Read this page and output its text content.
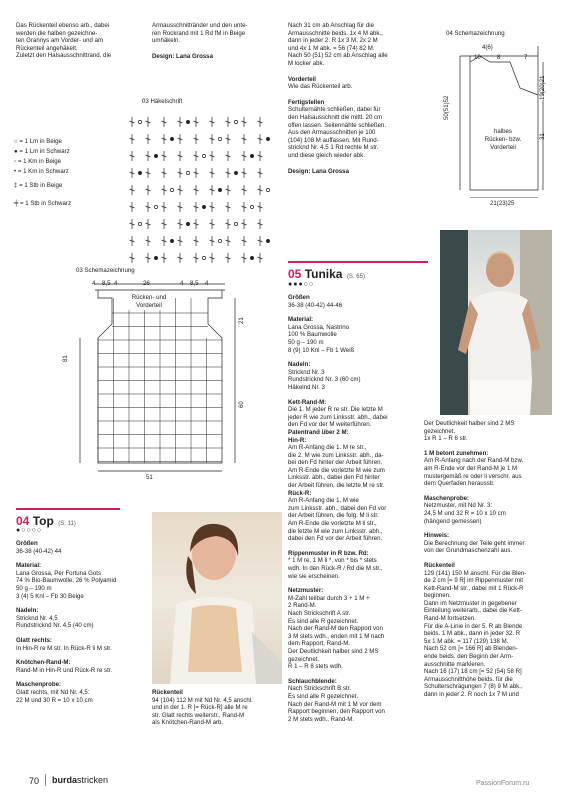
Das Rückenteil ebenso arb., dabei
werden die halben gezeichne-
ten Grannys am Vorder- und am
Rückenteil angehäkelt.
Zuletzt den Halsausschnittrand, die
Armausschnittränder und den unte-
ren Rockrand mit 1 Rd fM in Beige
umhäkeln.
Design: Lana Grossa
Nach 31 cm ab Anschlag für die
Armausschnitte beids. 1x 4 M abk.,
dann in jeder 2. R 1x 3 M, 2x 2 M
und 4x 1 M abk. = 56 (74) 82 M.
Nach 50 (51) 52 cm ab Anschlag alle
M locker abk.
Vorderteil
Wie das Rückenteil arb.
Fertigstellen
Schulternähte schließen, dabei für
den Halsausschnitt die mittl. 20 cm
offen lassen. Seitennähte schließen.
Aus den Armausschnitten je 100
(104) 108 M auffassen. Mit Rund-
stricknd Nr. 4,5 1 Rd rechte M str.
und diese gleich wieder abk.
Design: Lana Grossa
04 Schemazeichnung
4(6)
10	8	7
50(51)52
19(20)21
31
halbes
Rücken- bzw.
Vorderteil
21(23)25
03 Häkelschrift
○ = 1 Lm in Beige
● = 1 Lm in Schwarz
◦ = 1 Km in Beige
• = 1 Km in Schwarz
‡ = 1 Stb in Beige
╪ = 1 Stb in Schwarz
03 Schemazeichnung
4 8,5 4	26	4 8,5 4
Rücken- und
Vorderteil
21
60
81
51
05 Tunika (S. 65)
●●●○○
Größen
36-38 (40-42) 44-46
Material:
Lana Grossa, Nastrino
100 % Baumwolle
50 g – 190 m
8 (9) 10 Knl – Fb 1 Weiß
Nadeln:
Stricknd Nr. 3
Rundstricknd Nr. 3 (60 cm)
Häkelnd Nr. 3
Kett-Rand-M:
Die 1. M jeder R re str. Die letzte M
jeder R wie zum Linksstr. abh., dabei
den Fd vor der M weiterführen.
Patentrand über 2 M:
Hin-R:
Am R-Anfang die 1. M re str.,
die 2. M wie zum Linksstr. abh., da-
bei den Fd hinter der Arbeit führen.
Am R-Ende die vorletzte M wie zum
Linksstr. abh., dabei den Fd hinter
der Arbeit führen, die letzte M re str.
Rück-R:
Am R-Anfang die 1. M wie
zum Linksstr. abh., dabei den Fd vor
der Arbeit führen, die folg. M li str.
Am R-Ende die vorletzte M li str.,
die letzte M wie zum Linksstr. abh.,
dabei den Fd vor der Arbeit führen.
Rippenmuster in R bzw. Rd:
* 1 M re, 1 M li *, von * bis * stets
wdh. In den Rück-R / Rd die M str.,
wie sie erscheinen.
Netzmuster:
M-Zahl teilbar durch 3 + 1 M +
2 Rand-M.
Nach Strickschrift A str.
Es sind alle R gezeichnet.
Nach der Rand-M den Rapport von
3 M stets wdh., enden mit 1 M nach
dem Rapport, Rand-M.
Der Deutlichkeit halber sind 2 MS
gezeichnet.
R 1 – R 8 stets wdh.
Schlauchblende:
Nach Strickschrift B str.
Es sind alle R gezeichnet.
Nach der Rand-M mit 1 M vor dem
Rapport beginnen, den Rapport von
2 M stets wdh., Rand-M.
Der Deutlichkeit halber sind 2 MS
gezeichnet.
1x R 1 – R 6 str.
1 M betont zunehmen:
Am R-Anfang nach der Rand-M bzw.
am R-Ende vor der Rand-M je 1 M
mustergemäß re oder li verschr. aus
dem Querfaden herausstr.
Maschenprobe:
Netzmuster, mit Nd Nr. 3:
24,5 M und 32 R = 10 x 10 cm
(hängend gemessen)
Hinweis:
Die Berechnung der Teile geht immer
von der Grundmaschenzahl aus.
Rückenteil
129 (141) 150 M anschl. Für die Blen-
de 2 cm [= 9 R] im Rippenmuster mit
Kett-Rand-M str., dabei mit 1 Rück-R
beginnen.
Dann im Netzmuster in gegebener
Einteilung weiterarb., dabei die Kett-
Rand-M fortsetzen.
Für die A-Linie in der 5. R ab Blende
beids. 1 M abk., dann in jeder 32. R
5x 1 M abk. = 117 (129) 138 M.
Nach 52 cm [= 166 R] ab Blenden-
ende beids. den Beginn der Arm-
ausschnitte markieren.
Nach 16 (17) 18 cm [= 52 (54) 58 R]
Armausschnitthöhe beids. für die
Schulterschrägungen 7 (8) 9 M abk.,
dann in jeder 2. R noch 1x 7 M und
04 Top (S. 11)
●○○○○
Größen
36-38 (40-42) 44
Material:
Lana Grossa, Per Fortuna Gots
74 % Bio-Baumwolle, 26 % Polyamid
50 g – 190 m
3 (4) 5 Knl – Fb 30 Beige
Nadeln:
Stricknd Nr. 4,5
Rundstricknd Nr. 4,5 (40 cm)
Glatt rechts:
In Hin-R re M str. In Rück-R li M str.
Knötchen-Rand-M:
Rand-M in Hin-R und Rück-R re str.
Maschenprobe:
Glatt rechts, mit Nd Nr. 4,5:
22 M und 30 R = 10 x 10 cm
Rückenteil
94 (104) 112 M mit Nd Nr. 4,5 anschl.
und in der 1. R [= Rück-R] alle M re
str. Glatt rechts weiterstr., Rand-M
als Knötchen-Rand-M arb.
70 burdastricken	PassionForum.ru
